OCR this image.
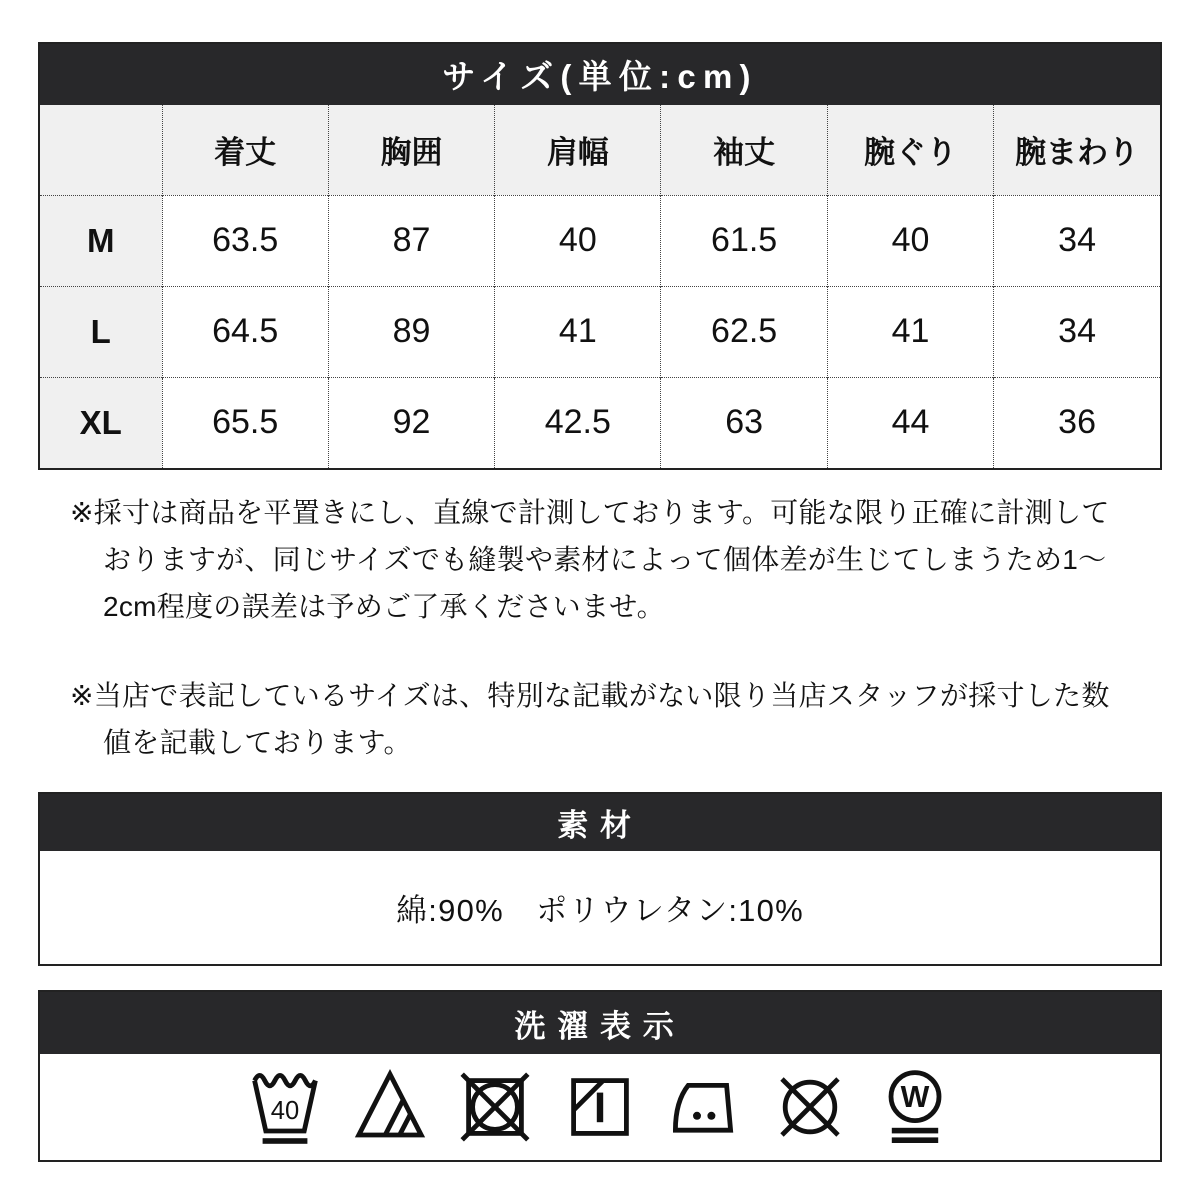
サイズ(単位:cm)
	着丈	胸囲	肩幅	袖丈	腕ぐり	腕まわり
M	63.5	87	40	61.5	40	34
L	64.5	89	41	62.5	41	34
XL	65.5	92	42.5	63	44	36

※採寸は商品を平置きにし、直線で計測しております。可能な限り正確に計測しておりますが、同じサイズでも縫製や素材によって個体差が生じてしまうため1〜2cm程度の誤差は予めご了承くださいませ。

※当店で表記しているサイズは、特別な記載がない限り当店スタッフが採寸した数値を記載しております。

素材
綿:90%　ポリウレタン:10%
洗濯表示
40	W
